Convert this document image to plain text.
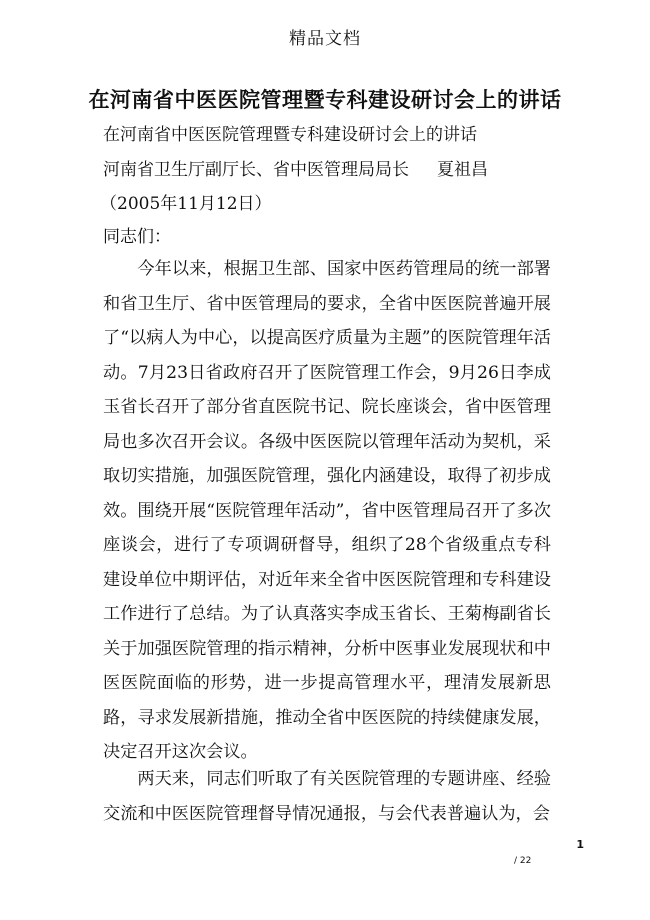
精品文档
在河南省中医医院管理暨专科建设研讨会上的讲话
在河南省中医医院管理暨专科建设研讨会上的讲话
河南省卫生厅副厅长、省中医管理局局长 夏祖昌
（2005年11月12日）
同志们：
今年以来，根据卫生部、国家中医药管理局的统一部署和省卫生厅、省中医管理局的要求，全省中医医院普遍开展了“以病人为中心，以提高医疗质量为主题”的医院管理年活动。7月23日省政府召开了医院管理工作会，9月26日李成玉省长召开了部分省直医院书记、院长座谈会，省中医管理局也多次召开会议。各级中医医院以管理年活动为契机，采取切实措施，加强医院管理，强化内涵建设，取得了初步成效。围绕开展“医院管理年活动”，省中医管理局召开了多次座谈会，进行了专项调研督导，组织了28个省级重点专科建设单位中期评估，对近年来全省中医医院管理和专科建设工作进行了总结。为了认真落实李成玉省长、王菊梅副省长关于加强医院管理的指示精神，分析中医事业发展现状和中医医院面临的形势，进一步提高管理水平，理清发展新思路，寻求发展新措施，推动全省中医医院的持续健康发展，决定召开这次会议。
两天来，同志们听取了有关医院管理的专题讲座、经验交流和中医医院管理督导情况通报，与会代表普遍认为，会
1
/ 22
